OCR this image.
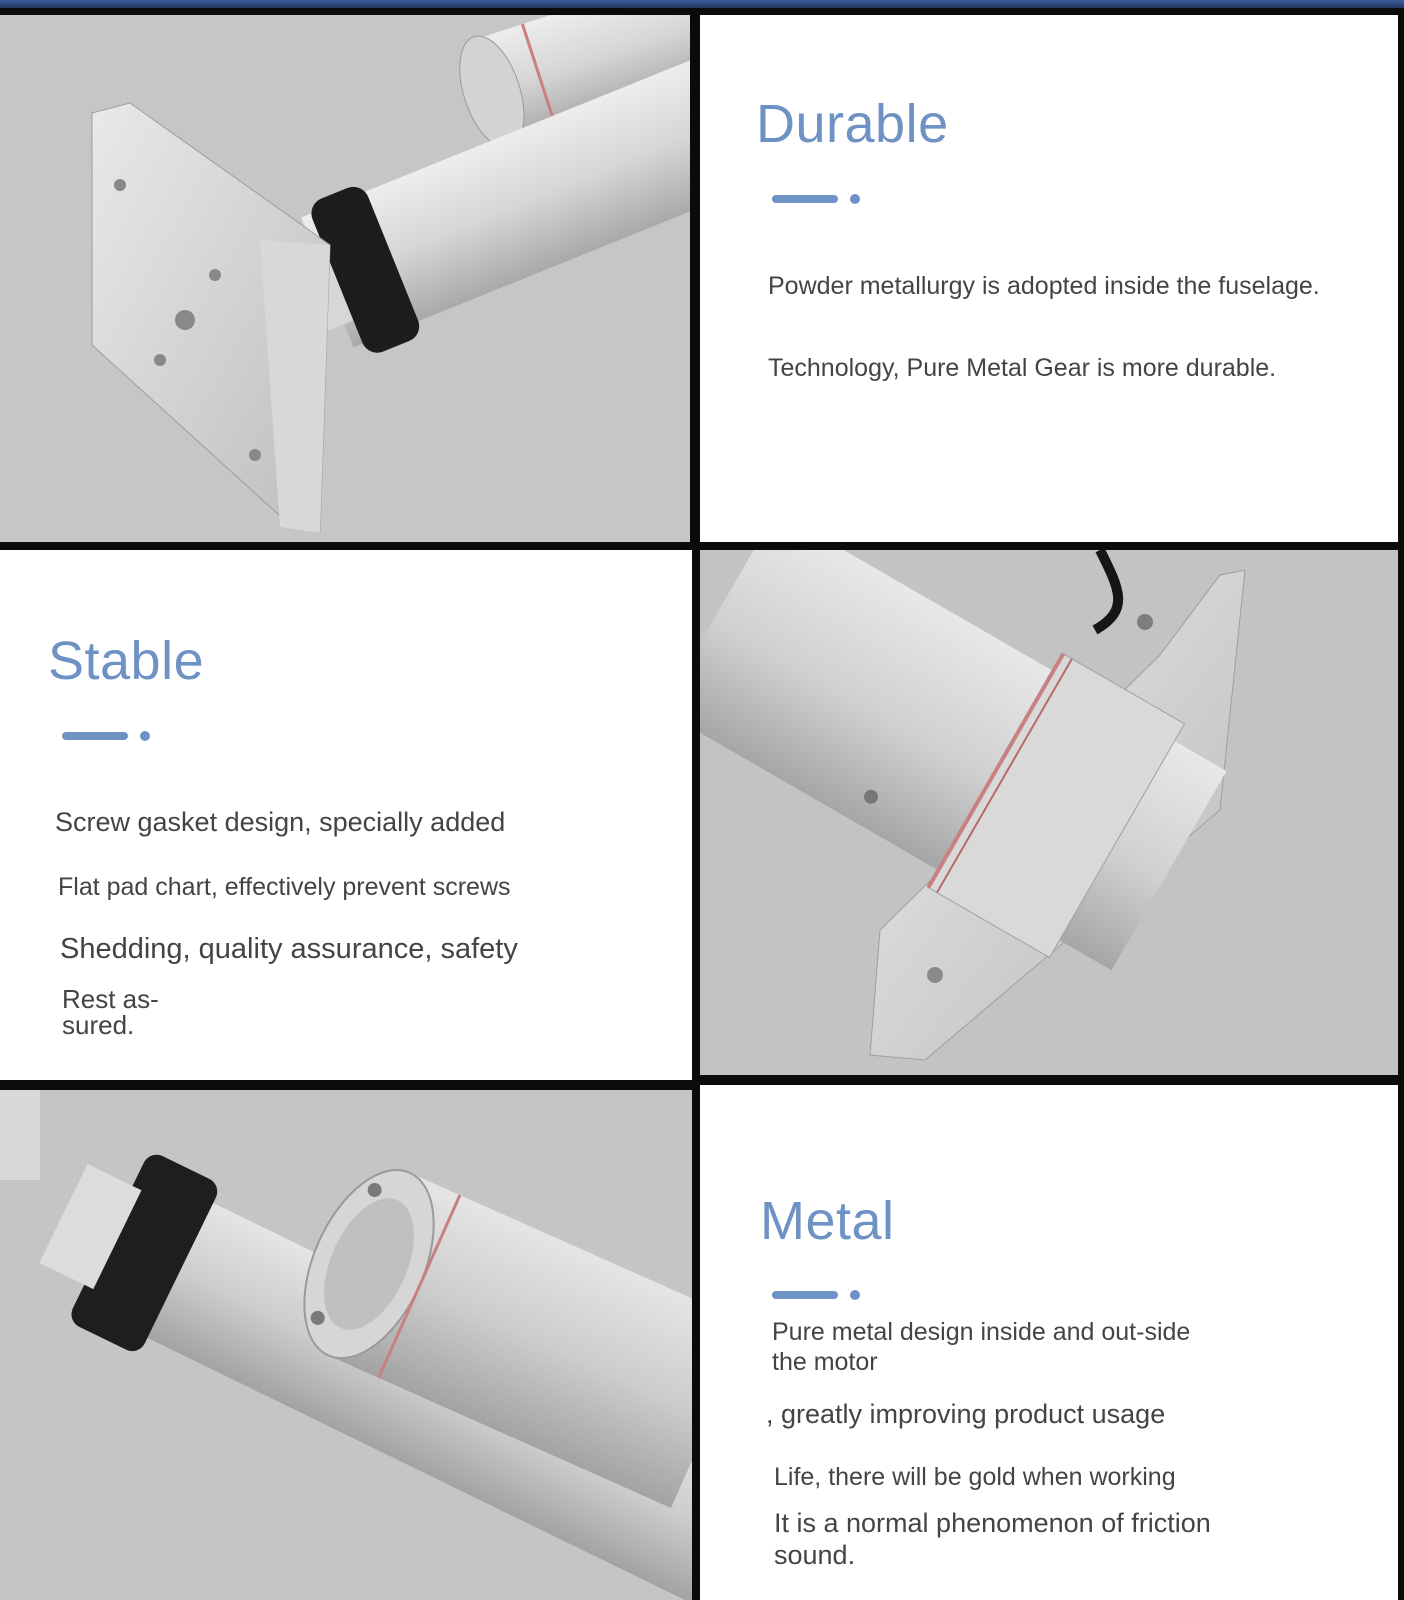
Durable
Powder metallurgy is adopted inside the fuselage.
Technology, Pure Metal Gear is more durable.
Stable
Screw gasket design, specially added
Flat pad chart, effectively prevent screws
Shedding, quality assurance, safety
Rest as-sured.
Metal
Pure metal design inside and out-side the motor
, greatly improving product usage
Life, there will be gold when working
It is a normal phenomenon of friction sound.
